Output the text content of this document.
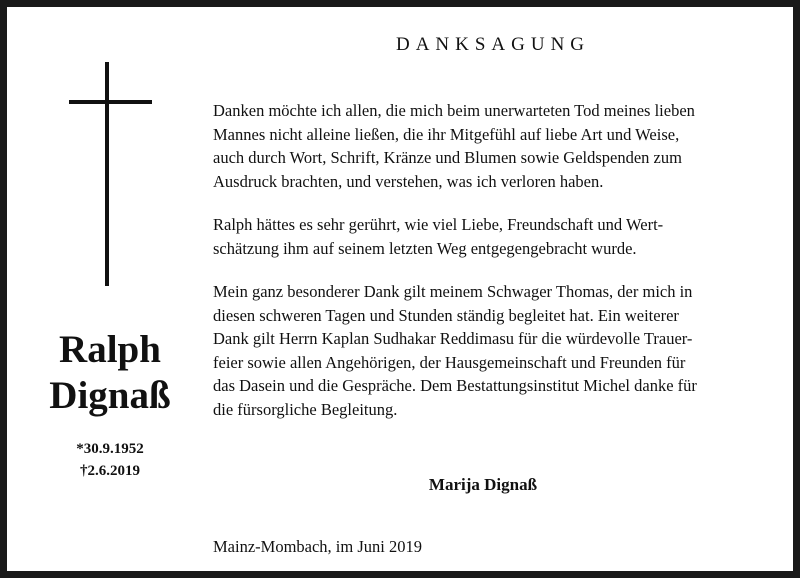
DANKSAGUNG
Ralph
Dignaß
*30.9.1952
†2.6.2019

Danken möchte ich allen, die mich beim unerwarteten Tod meines lieben
Mannes nicht alleine ließen, die ihr Mitgefühl auf liebe Art und Weise,
auch durch Wort, Schrift, Kränze und Blumen sowie Geldspenden zum
Ausdruck brachten, und verstehen, was ich verloren haben.

Ralph hättes es sehr gerührt, wie viel Liebe, Freundschaft und Wert-
schätzung ihm auf seinem letzten Weg entgegengebracht wurde.

Mein ganz besonderer Dank gilt meinem Schwager Thomas, der mich in
diesen schweren Tagen und Stunden ständig begleitet hat. Ein weiterer
Dank gilt Herrn Kaplan Sudhakar Reddimasu für die würdevolle Trauer-
feier sowie allen Angehörigen, der Hausgemeinschaft und Freunden für
das Dasein und die Gespräche. Dem Bestattungsinstitut Michel danke für
die fürsorgliche Begleitung.

Marija Dignaß
Mainz-Mombach, im Juni 2019
